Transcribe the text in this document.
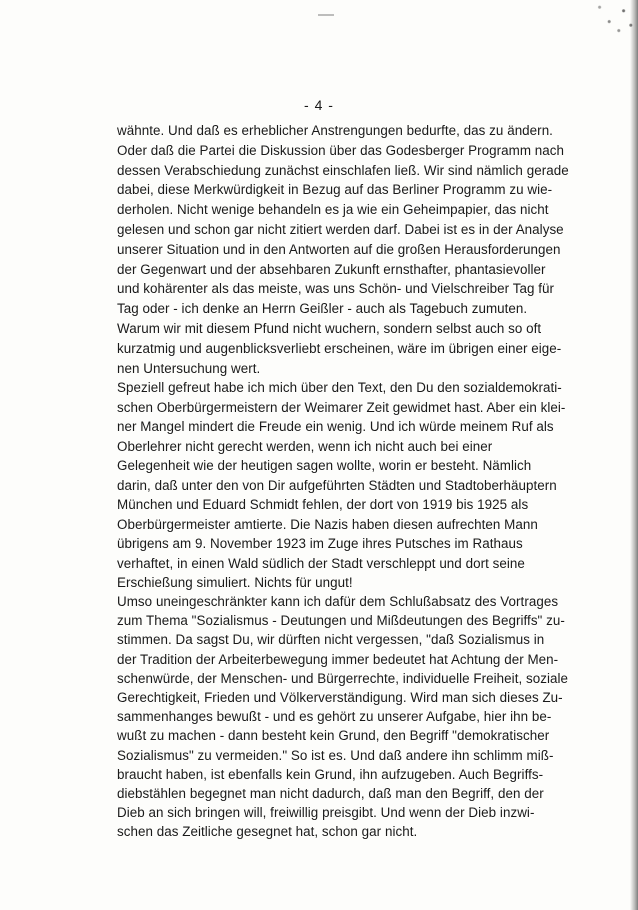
- 4 -
wähnte. Und daß es erheblicher Anstrengungen bedurfte, das zu ändern.
Oder daß die Partei die Diskussion über das Godesberger Programm nach
dessen Verabschiedung zunächst einschlafen ließ. Wir sind nämlich gerade
dabei, diese Merkwürdigkeit in Bezug auf das Berliner Programm zu wie-
derholen. Nicht wenige behandeln es ja wie ein Geheimpapier, das nicht
gelesen und schon gar nicht zitiert werden darf. Dabei ist es in der Analyse
unserer Situation und in den Antworten auf die großen Herausforderungen
der Gegenwart und der absehbaren Zukunft ernsthafter, phantasievoller
und kohärenter als das meiste, was uns Schön- und Vielschreiber Tag für
Tag oder - ich denke an Herrn Geißler - auch als Tagebuch zumuten.
Warum wir mit diesem Pfund nicht wuchern, sondern selbst auch so oft
kurzatmig und augenblicksverliebt erscheinen, wäre im übrigen einer eige-
nen Untersuchung wert.
Speziell gefreut habe ich mich über den Text, den Du den sozialdemokrati-
schen Oberbürgermeistern der Weimarer Zeit gewidmet hast. Aber ein klei-
ner Mangel mindert die Freude ein wenig. Und ich würde meinem Ruf als
Oberlehrer nicht gerecht werden, wenn ich nicht auch bei einer
Gelegenheit wie der heutigen sagen wollte, worin er besteht. Nämlich
darin, daß unter den von Dir aufgeführten Städten und Stadtoberhäuptern
München und Eduard Schmidt fehlen, der dort von 1919 bis 1925 als
Oberbürgermeister amtierte. Die Nazis haben diesen aufrechten Mann
übrigens am 9. November 1923 im Zuge ihres Putsches im Rathaus
verhaftet, in einen Wald südlich der Stadt verschleppt und dort seine
Erschießung simuliert. Nichts für ungut!
Umso uneingeschränkter kann ich dafür dem Schlußabsatz des Vortrages
zum Thema "Sozialismus - Deutungen und Mißdeutungen des Begriffs" zu-
stimmen. Da sagst Du, wir dürften nicht vergessen, "daß Sozialismus in
der Tradition der Arbeiterbewegung immer bedeutet hat Achtung der Men-
schenwürde, der Menschen- und Bürgerrechte, individuelle Freiheit, soziale
Gerechtigkeit, Frieden und Völkerverständigung. Wird man sich dieses Zu-
sammenhanges bewußt - und es gehört zu unserer Aufgabe, hier ihn be-
wußt zu machen - dann besteht kein Grund, den Begriff "demokratischer
Sozialismus" zu vermeiden." So ist es. Und daß andere ihn schlimm miß-
braucht haben, ist ebenfalls kein Grund, ihn aufzugeben. Auch Begriffs-
diebstählen begegnet man nicht dadurch, daß man den Begriff, den der
Dieb an sich bringen will, freiwillig preisgibt. Und wenn der Dieb inzwi-
schen das Zeitliche gesegnet hat, schon gar nicht.
